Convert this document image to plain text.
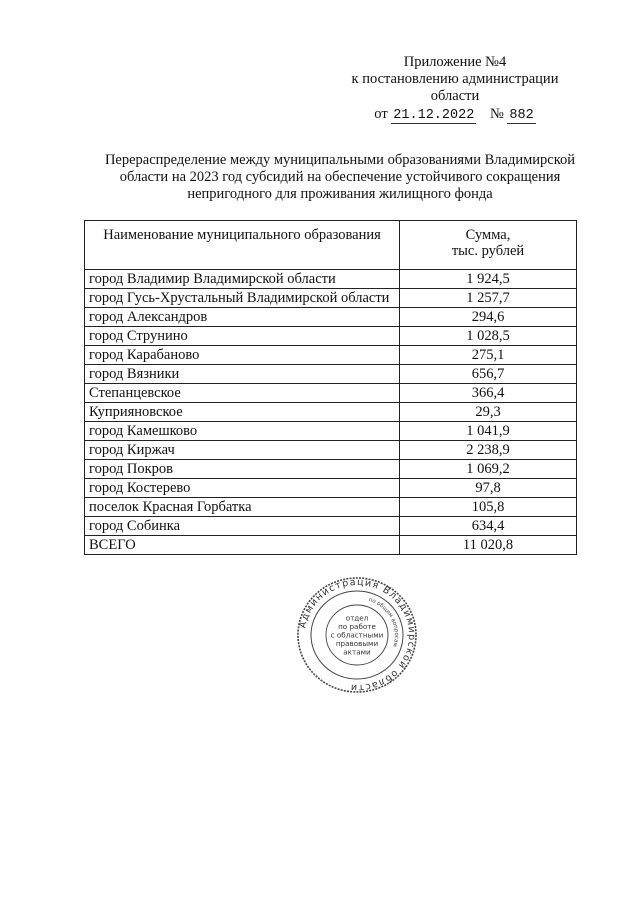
Приложение №4
к постановлению администрации
области
от 21.12.2022 № 882
Перераспределение между муниципальными образованиями Владимирской области на 2023 год субсидий на обеспечение устойчивого сокращения непригодного для проживания жилищного фонда
Наименование муниципального образования	Сумма,
тыс. рублей
город Владимир Владимирской области	1 924,5
город Гусь-Хрустальный Владимирской области	1 257,7
город Александров	294,6
город Струнино	1 028,5
город Карабаново	275,1
город Вязники	656,7
Степанцевское	366,4
Куприяновское	29,3
город Камешково	1 041,9
город Киржач	2 238,9
город Покров	1 069,2
город Костерево	97,8
поселок Красная Горбатка	105,8
город Собинка	634,4
ВСЕГО	11 020,8
Администрация Владимирской области
по общим вопросам
отдел
по работе
с областными
правовыми
актами
